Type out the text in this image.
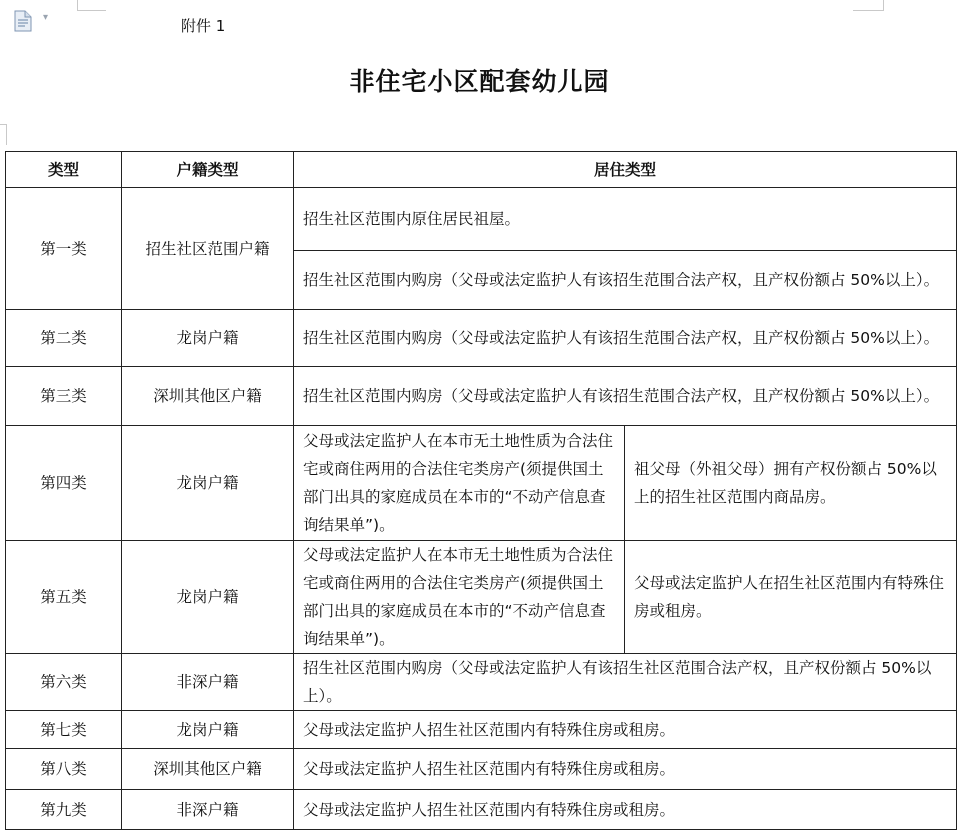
▾	附件 1
非住宅小区配套幼儿园
类型	户籍类型	居住类型	
第一类	招生社区范围户籍	招生社区范围内原住居民祖屋。	
		招生社区范围内购房（父母或法定监护人有该招生范围合法产权，且产权份额占 50%以上）。	
第二类	龙岗户籍	招生社区范围内购房（父母或法定监护人有该招生范围合法产权，且产权份额占 50%以上）。	
第三类	深圳其他区户籍	招生社区范围内购房（父母或法定监护人有该招生范围合法产权，且产权份额占 50%以上）。	
第四类	龙岗户籍	父母或法定监护人在本市无土地性质为合法住宅或商住两用的合法住宅类房产(须提供国土部门出具的家庭成员在本市的“不动产信息查询结果单”)。	祖父母（外祖父母）拥有产权份额占 50%以上的招生社区范围内商品房。
第五类	龙岗户籍	父母或法定监护人在本市无土地性质为合法住宅或商住两用的合法住宅类房产(须提供国土部门出具的家庭成员在本市的“不动产信息查询结果单”)。	父母或法定监护人在招生社区范围内有特殊住房或租房。
第六类	非深户籍	招生社区范围内购房（父母或法定监护人有该招生社区范围合法产权，且产权份额占 50%以上）。	
第七类	龙岗户籍	父母或法定监护人招生社区范围内有特殊住房或租房。	
第八类	深圳其他区户籍	父母或法定监护人招生社区范围内有特殊住房或租房。	
第九类	非深户籍	父母或法定监护人招生社区范围内有特殊住房或租房。	
